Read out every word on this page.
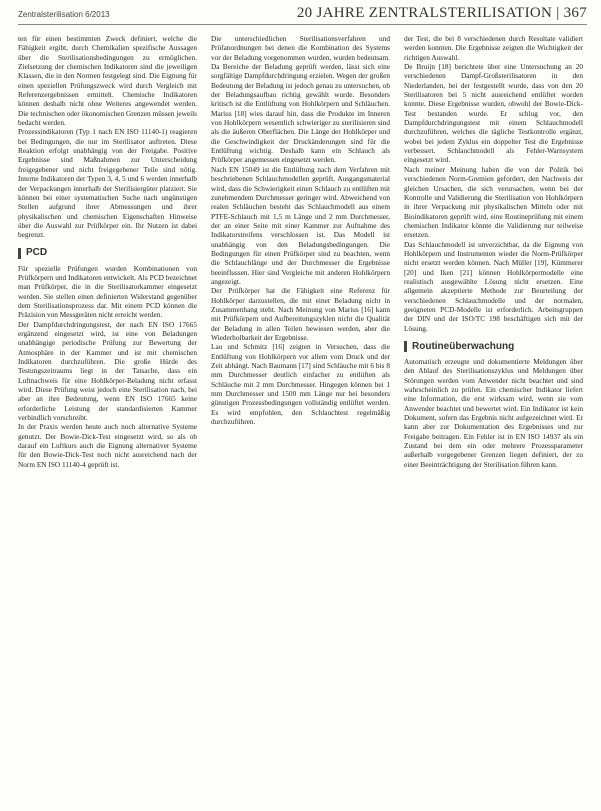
Zentralsterilisation 6/2013	20 JAHRE ZENTRALSTERILISATION | 367

ten für einen bestimmten Zweck definiert, welche die Fähigkeit ergibt, durch Chemikalien spezifische Aussagen über die Sterilisationsbedingungen zu ermöglichen. Zielsetzung der chemischen Indikatoren sind die jeweiligen Klassen, die in den Normen festgelegt sind. Die Eignung für einen speziellen Prüfungszweck wird durch Vergleich mit Referenzergebnissen ermittelt. Chemische Indikatoren können deshalb nicht ohne Weiteres angewendet werden. Die technischen oder ökonomischen Grenzen müssen jeweils bedacht werden.

Prozessindikatoren (Typ 1 nach EN ISO 11140-1) reagieren bei Bedingungen, die nur im Sterilisator auftreten. Diese Reaktion erfolgt unabhängig von der Freigabe. Positive Ergebnisse sind Maßnahmen zur Unterscheidung freigegebener und nicht freigegebener Teile sind nötig. Interne Indikatoren der Typen 3, 4, 5 und 6 werden innerhalb der Verpackungen innerhalb der Sterilisiergüter platziert. Sie können bei einer systematischen Suche nach ungünstigen Stellen aufgrund ihrer Abmessungen und ihrer physikalischen und chemischen Eigenschaften Hinweise über die Auswahl zur Prüfkörper ein. Ihr Nutzen ist dabei begrenzt.

PCD

Für spezielle Prüfungen wurden Kombinationen von Prüfkörpern und Indikatoren entwickelt. Als PCD bezeichnet man Prüfkörper, die in die Sterilisatorkammer eingesetzt werden. Sie stellen einen definierten Widerstand gegenüber dem Sterilisationsprozess dar. Mit einem PCD können die Präzision von Messgeräten nicht erreicht werden.

Der Dampfdurchdringungstest, der nach EN ISO 17665 ergänzend eingesetzt wird, ist eine von Beladungen unabhängige periodische Prüfung zur Bewertung der Atmosphäre in der Kammer und ist mit chemischen Indikatoren durchzuführen. Die große Hürde des Testungszeitraums liegt in der Tatsache, dass ein Luftnachweis für eine Hohlkörper-Beladung nicht erfasst wird. Diese Prüfung weist jedoch eine Sterilisation nach, bei aber an ihre Bedeutung, wenn EN ISO 17665 keine erforderliche Leistung der standardisierten Kammer verbindlich vorschreibt.

In der Praxis werden heute auch noch alternative Systeme genutzt. Der Bowie-Dick-Test eingesetzt wird, so als ob darauf ein Luftkurs auch die Eignung alternativer Systeme für den Bowie-Dick-Test noch nicht ausreichend nach der Norm EN ISO 11140-4 geprüft ist.

Die unterschiedlichen Sterilisationsverfahren und Prüfanordnungen bei denen die Kombination des Systems vor der Beladung vorgenommen wurden, wurden bedeutsam. Da Bereiche der Beladung geprüft werden, lässt sich eine sorgfältige Dampfdurchdringung erzielen. Wegen der großen Bedeutung der Beladung ist jedoch genau zu untersuchen, ob der Beladungsaufbau richtig gewählt wurde. Besonders kritisch ist die Entlüftung von Hohlkörpern und Schläuchen. Marius [18] wies darauf hin, dass die Produkte im Inneren von Hohlkörpern wesentlich schwieriger zu sterilisieren sind als die äußeren Oberflächen. Die Länge der Hohlkörper und die Geschwindigkeit der Druckänderungen sind für die Entlüftung wichtig. Deshalb kann ein Schlauch als Prüfkörper angemessen eingesetzt werden.

Nach EN 15049 ist die Entlüftung nach dem Verfahren mit beschriebenen Schlauchmodellen geprüft. Ausgangsmaterial wird, dass die Schwierigkeit einen Schlauch zu entlüften mit zunehmendem Durchmesser geringer wird. Abweichend von realen Schläuchen besteht das Schlauchmodell aus einem PTFE-Schlauch mit 1,5 m Länge und 2 mm Durchmesser, der an einer Seite mit einer Kammer zur Aufnahme des Indikatorstreifens verschlossen ist. Das Modell ist unabhängig von den Beladungsbedingungen. Die Bedingungen für einen Prüfkörper sind zu beachten, wenn die Schlauchlänge und der Durchmesser die Ergebnisse beeinflussen. Hier sind Vergleiche mit anderen Hohlkörpern angezeigt.

Der Prüfkörper hat die Fähigkeit eine Referenz für Hohlkörper darzustellen, die mit einer Beladung nicht in Zusammenhang steht. Nach Meinung von Marius [16] kann mit Prüfkörpern und Aufbereitungszyklen nicht die Qualität der Beladung in allen Teilen bewiesen werden, aber die Wiederholbarkeit der Ergebnisse.

Lau und Schmitz [16] zeigten in Versuchen, dass die Entlüftung von Hohlkörpern vor allem vom Druck und der Zeit abhängt. Nach Baumann [17] sind Schläuche mit 6 bis 8 mm Durchmesser deutlich einfacher zu entlüften als Schläuche mit 2 mm Durchmesser. Hingegen können bei 1 mm Durchmesser und 1500 mm Länge nur bei besonders günstigen Prozessbedingungen vollständig entlüftet werden. Es wird empfohlen, den Schlauchtest regelmäßig durchzuführen.

der Test, die bei 8 verschiedenen durch Resultate validiert werden konnten. Die Ergebnisse zeigten die Wichtigkeit der richtigen Auswahl.

De Bruijn [18] berichtete über eine Untersuchung an 20 verschiedenen Dampf-Großsterilisatoren in den Niederlanden, bei der festgestellt wurde, dass von den 20 Sterilisatoren bei 5 nicht ausreichend entlüftet worden konnte. Diese Ergebnisse wurden, obwohl der Bowie-Dick-Test bestanden wurde. Er schlug vor, den Dampfdurchdringungstest mit einem Schlauchmodell durchzuführen, welches die tägliche Testkontrolle ergänzt, wobei bei jedem Zyklus ein doppelter Test die Ergebnisse verbessert. Schlauchmodell als Fehler-Warnsystem eingesetzt wird.

Nach meiner Meinung haben die von der Politik bei verschiedenen Norm-Gremien gefordert, den Nachweis der gleichen Ursachen, die sich verursachen, wenn bei der Kontrolle und Validierung die Sterilisation von Hohlkörpern in ihrer Verpackung mit physikalischen Mitteln oder mit Bioindikatoren geprüft wird, eine Routineprüfung mit einem chemischen Indikator könnte die Validierung nur teilweise ersetzen.

Das Schlauchmodell ist unverzichtbar, da die Eignung von Hohlkörpern und Instrumenten wieder die Norm-Prüfkörper nicht ersetzt werden können. Nach Müller [19], Kümmerer [20] und Iken [21] können Hohlkörpermodelle eine realistisch ausgewählte Lösung nicht ersetzen. Eine allgemein akzeptierte Methode zur Beurteilung der verschiedenen Schlauchmodelle und der normalen, geeigneten PCD-Modelle ist erforderlich. Arbeitsgruppen der DIN und der ISO/TC 198 beschäftigen sich mit der Lösung.

Routineüberwachung

Automatisch erzeugte und dokumentierte Meldungen über den Ablauf des Sterilisationszyklus und Meldungen über Störungen werden vom Anwender nicht beachtet und sind wahrscheinlich zu prüfen. Ein chemischer Indikator liefert eine Information, die erst wirksam wird, wenn sie vom Anwender beachtet und bewertet wird. Ein Indikator ist kein Dokument, sofern das Ergebnis nicht aufgezeichnet wird. Er kann aber zur Dokumentation des Ergebnisses und zur Freigabe beitragen. Ein Fehler ist in EN ISO 14937 als ein Zustand bei dem ein oder mehrere Prozessparameter außerhalb vorgegebener Grenzen liegen definiert, der zu einer Beeinträchtigung der Sterilisation führen kann.
